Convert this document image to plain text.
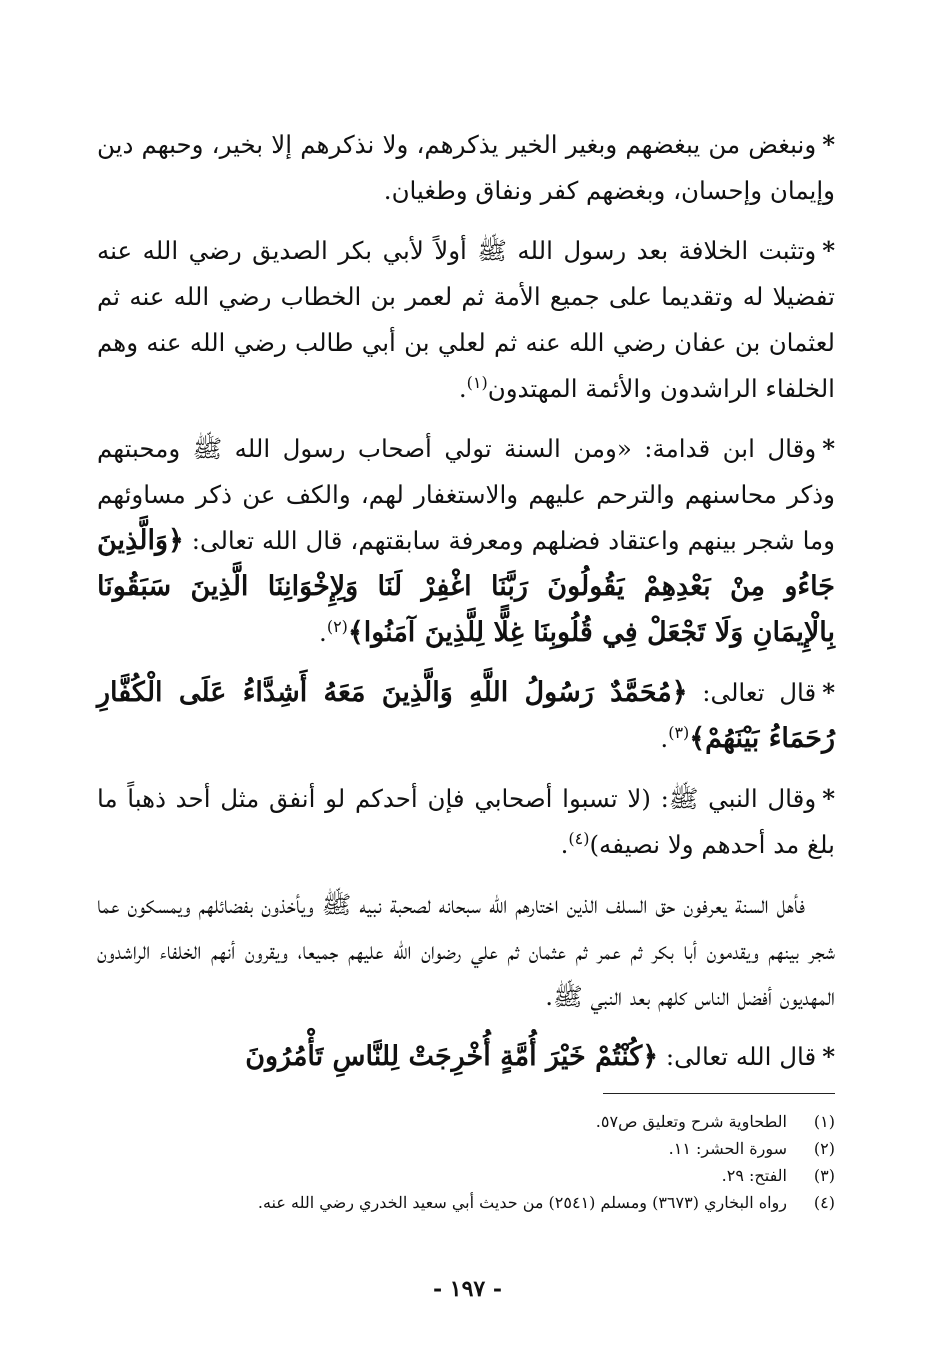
*ونبغض من يبغضهم وبغير الخير يذكرهم، ولا نذكرهم إلا بخير، وحبهم دين وإيمان وإحسان، وبغضهم كفر ونفاق وطغيان.

*وتثبت الخلافة بعد رسول الله ﷺ أولاً لأبي بكر الصديق رضي الله عنه تفضيلا له وتقديما على جميع الأمة ثم لعمر بن الخطاب رضي الله عنه ثم لعثمان بن عفان رضي الله عنه ثم لعلي بن أبي طالب رضي الله عنه وهم الخلفاء الراشدون والأئمة المهتدون$^{(١)}$.

*وقال ابن قدامة: «ومن السنة تولي أصحاب رسول الله ﷺ ومحبتهم وذكر محاسنهم والترحم عليهم والاستغفار لهم، والكف عن ذكر مساوئهم وما شجر بينهم واعتقاد فضلهم ومعرفة سابقتهم، قال الله تعالى: ﴿وَالَّذِينَ جَاءُو مِنْ بَعْدِهِمْ يَقُولُونَ رَبَّنَا اغْفِرْ لَنَا وَلِإِخْوَانِنَا الَّذِينَ سَبَقُونَا بِالْإِيمَانِ وَلَا تَجْعَلْ فِي قُلُوبِنَا غِلًّا لِلَّذِينَ آمَنُوا﴾$^{(٢)}$.

*قال تعالى: ﴿مُحَمَّدٌ رَسُولُ اللَّهِ وَالَّذِينَ مَعَهُ أَشِدَّاءُ عَلَى الْكُفَّارِ رُحَمَاءُ بَيْنَهُمْ﴾$^{(٣)}$.

*وقال النبي ﷺ: (لا تسبوا أصحابي فإن أحدكم لو أنفق مثل أحد ذهباً ما بلغ مد أحدهم ولا نصيفه)$^{(٤)}$.

فأهل السنة يعرفون حق السلف الذين اختارهم الله سبحانه لصحبة نبيه ﷺ ويأخذون بفضائلهم ويمسكون عما شجر بينهم ويقدمون أبا بكر ثم عمر ثم عثمان ثم علي رضوان الله عليهم جميعا، ويقرون أنهم الخلفاء الراشدون المهديون أفضل الناس كلهم بعد النبي ﷺ.

*قال الله تعالى: ﴿كُنْتُمْ خَيْرَ أُمَّةٍ أُخْرِجَتْ لِلنَّاسِ تَأْمُرُونَ

(١)
الطحاوية شرح وتعليق ص٥٧.
(٢)
سورة الحشر: ١١.
(٣)
الفتح: ٢٩.
(٤)
رواه البخاري (٣٦٧٣) ومسلم (٢٥٤١) من حديث أبي سعيد الخدري رضي الله عنه.
- ١٩٧ -
